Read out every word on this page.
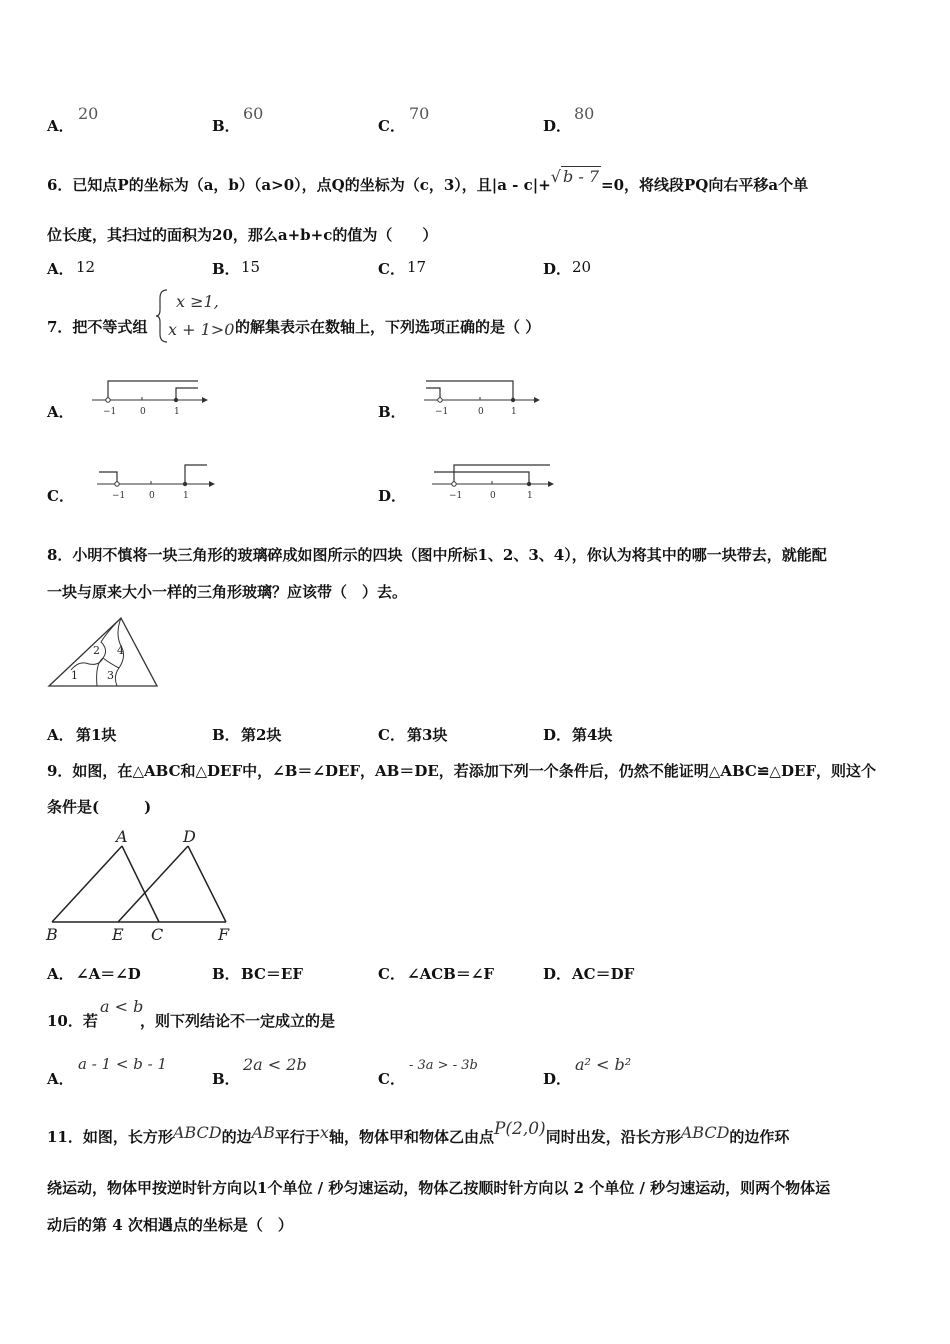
A．
20
B．
60
C．
70
D．
80
6．已知点P的坐标为（a，b）（a>0），点Q的坐标为（c，3），且|a - c|+√ b - 7 =0，将线段PQ向右平移a个单
位长度，其扫过的面积为20，那么a+b+c的值为（　　）
A． 12	B． 15	C． 17	D． 20
7．把不等式组
x ≥1,
x + 1>0 的解集表示在数轴上，下列选项正确的是（ ）
A．	B．
C．	D．
−1	0	1	−1	0	1
−1	0	1	−1	0	1
8．小明不慎将一块三角形的玻璃碎成如图所示的四块（图中所标1、2、3、4），你认为将其中的哪一块带去，就能配
一块与原来大小一样的三角形玻璃？应该带（　）去。
1
2
3
4
A． 第1块	B． 第2块	C． 第3块	D． 第4块
9．如图，在△ABC和△DEF中，∠B＝∠DEF，AB＝DE，若添加下列一个条件后，仍然不能证明△ABC≌△DEF，则这个
条件是(　　　)
A	D
B	E C	F
A． ∠A＝∠D	B． BC＝EF	C． ∠ACB＝∠F	D． AC＝DF
10．若
a < b
，则下列结论不一定成立的是
A．
a - 1 < b - 1
B．
2a < 2b
C．
- 3a > - 3b
D．
a² < b²
11．如图，长方形ABCD的边AB平行于x轴，物体甲和物体乙由点P(2,0)同时出发，沿长方形ABCD的边作环
绕运动，物体甲按逆时针方向以1个单位 / 秒匀速运动，物体乙按顺时针方向以 2 个单位 / 秒匀速运动，则两个物体运
动后的第 4 次相遇点的坐标是（　）
